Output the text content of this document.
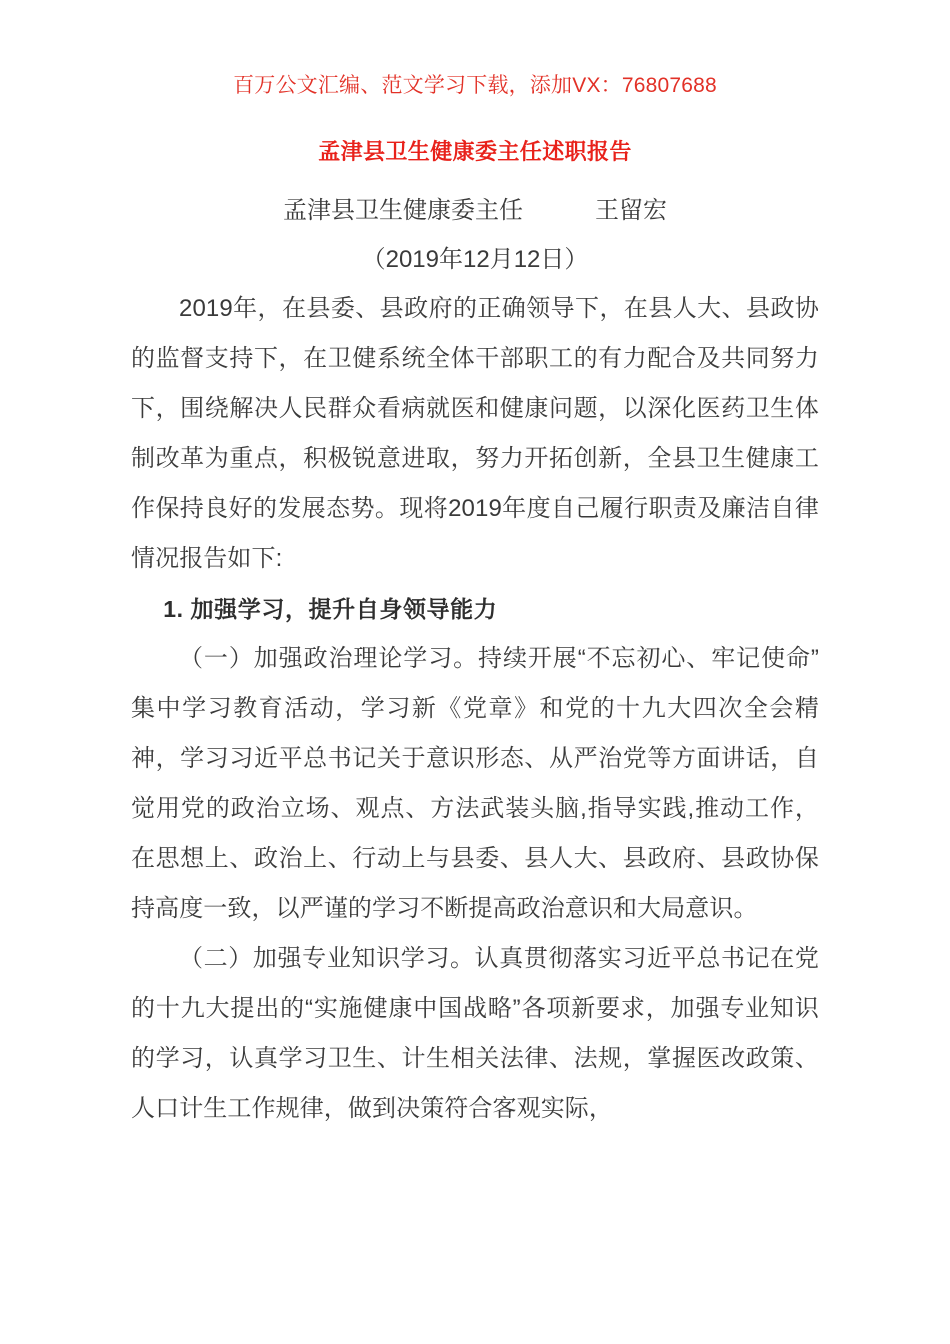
百万公文汇编、范文学习下载，添加VX：76807688
孟津县卫生健康委主任述职报告
孟津县卫生健康委主任　　　王留宏
（2019年12月12日）

2019年，在县委、县政府的正确领导下，在县人大、县政协的监督支持下，在卫健系统全体干部职工的有力配合及共同努力下，围绕解决人民群众看病就医和健康问题，以深化医药卫生体制改革为重点，积极锐意进取，努力开拓创新，全县卫生健康工作保持良好的发展态势。现将2019年度自己履行职责及廉洁自律情况报告如下:

1. 加强学习，提升自身领导能力

（一）加强政治理论学习。持续开展“不忘初心、牢记使命”集中学习教育活动，学习新《党章》和党的十九大四次全会精神，学习习近平总书记关于意识形态、从严治党等方面讲话，自觉用党的政治立场、观点、方法武装头脑,指导实践,推动工作，在思想上、政治上、行动上与县委、县人大、县政府、县政协保持高度一致，以严谨的学习不断提高政治意识和大局意识。

（二）加强专业知识学习。认真贯彻落实习近平总书记在党的十九大提出的“实施健康中国战略”各项新要求，加强专业知识的学习，认真学习卫生、计生相关法律、法规，掌握医改政策、人口计生工作规律，做到决策符合客观实际，
